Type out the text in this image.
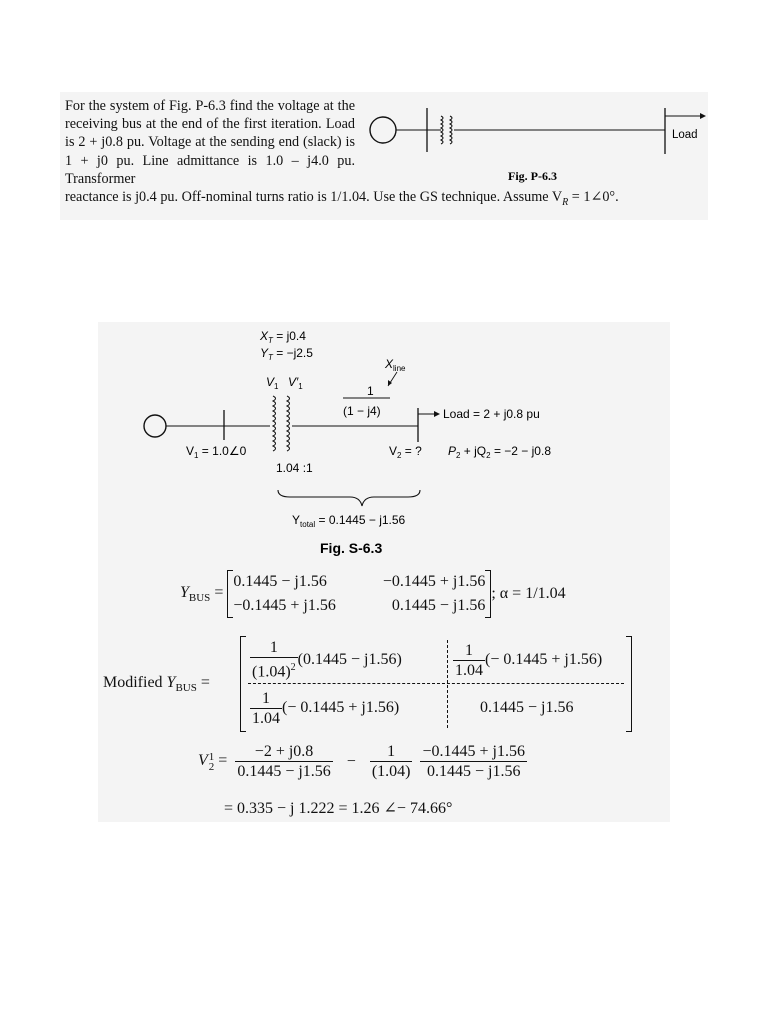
For the system of Fig. P-6.3 find the voltage at the receiving bus at the end of the first iteration. Load is 2 + j0.8 pu. Voltage at the sending end (slack) is 1 + j0 pu. Line admittance is 1.0 – j4.0 pu. Transformer
reactance is j0.4 pu. Off-nominal turns ratio is 1/1.04. Use the GS technique. Assume $V_R$ = 1∠0°.
Load
Fig. P-6.3
$X_T = j0.4$
$Y_T = -j2.5$
$X_{line}$
$V_1$ $V'_1$	1
(1 − j4)	Load = 2 + j0.8 pu
$V_1$ = 1.0∠0
1.04 :1
$V_2$ = ? $P_2 + jQ_2 = -2 - j0.8$
$Y_{total} = 0.1445 - j1.56$
Fig. S-6.3
$Y_{BUS}$ =
0.1445 − j1.56	−0.1445 + j1.56
−0.1445 + j1.56	0.1445 − j1.56
; α = 1/1.04
Modified $Y_{BUS}$ =
$\frac{1}{(1.04)^2} (0.1445 - j1.56)$	$\frac{1}{1.04}$ (− 0.1445 + j1.56)
$\frac{1}{1.04}$ (− 0.1445 + j1.56)	0.1445 − j1.56
V 1
$2 = \frac{-2 + j0.8}{0.1445 - j1.56} - \frac{1}{(1.04)}$
$\frac{-0.1445 + j1.56}{0.1445 - j1.56}$
= 0.335 − j 1.222 = 1.26 ∠− 74.66°
